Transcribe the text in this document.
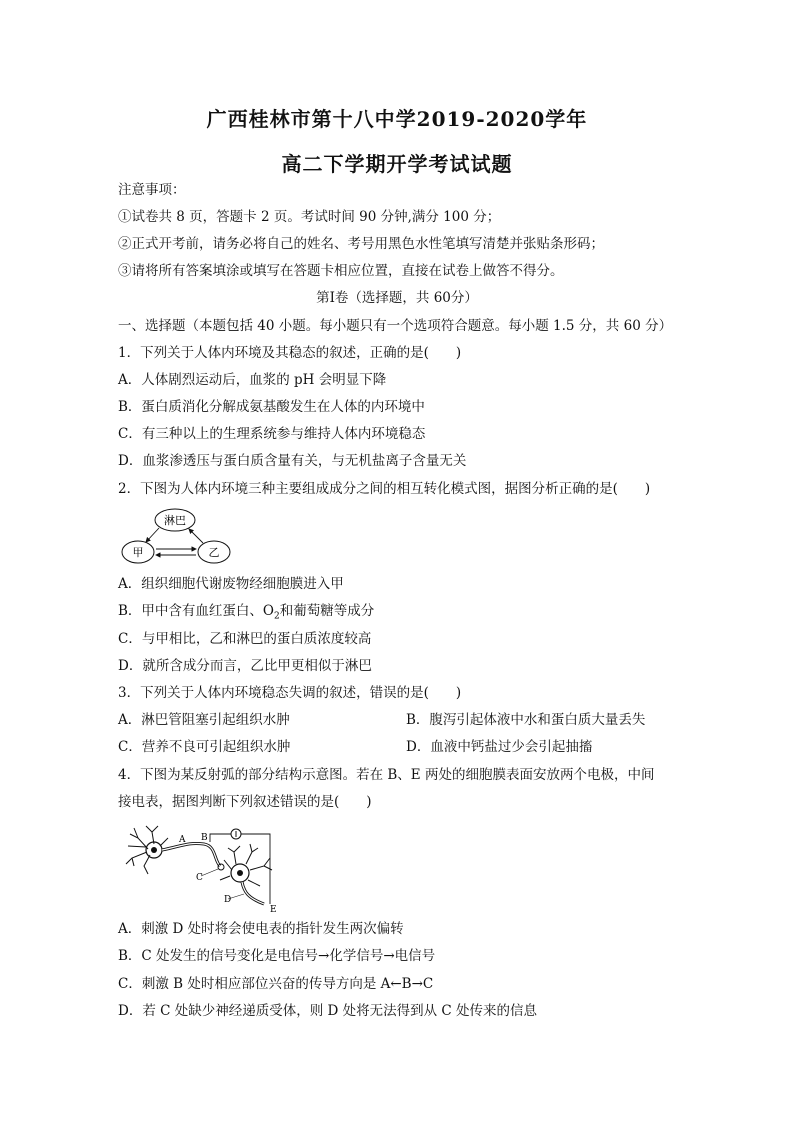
广西桂林市第十八中学2019-2020学年
高二下学期开学考试试题
注意事项：
①试卷共 8 页，答题卡 2 页。考试时间 90 分钟,满分 100 分；
②正式开考前，请务必将自己的姓名、考号用黑色水性笔填写清楚并张贴条形码；
③请将所有答案填涂或填写在答题卡相应位置，直接在试卷上做答不得分。
第Ⅰ卷（选择题，共 60分）
一、选择题（本题包括 40 小题。每小题只有一个选项符合题意。每小题 1.5 分，共 60 分）
1．下列关于人体内环境及其稳态的叙述，正确的是(　　)
A．人体剧烈运动后，血浆的 pH 会明显下降
B．蛋白质消化分解成氨基酸发生在人体的内环境中
C．有三种以上的生理系统参与维持人体内环境稳态
D．血浆渗透压与蛋白质含量有关，与无机盐离子含量无关
2．下图为人体内环境三种主要组成成分之间的相互转化模式图，据图分析正确的是(　　)
淋巴
甲	乙
A．组织细胞代谢废物经细胞膜进入甲
B．甲中含有血红蛋白、$O_2$和葡萄糖等成分
C．与甲相比，乙和淋巴的蛋白质浓度较高
D．就所含成分而言，乙比甲更相似于淋巴
3．下列关于人体内环境稳态失调的叙述，错误的是(　　)
A．淋巴管阻塞引起组织水肿	B．腹泻引起体液中水和蛋白质大量丢失
C．营养不良可引起组织水肿	D．血液中钙盐过少会引起抽搐
4．下图为某反射弧的部分结构示意图。若在 B、E 两处的细胞膜表面安放两个电极，中间
接电表，据图判断下列叙述错误的是(　　)
A B
C
D
E
A．刺激 D 处时将会使电表的指针发生两次偏转
B．C 处发生的信号变化是电信号→化学信号→电信号
C．刺激 B 处时相应部位兴奋的传导方向是 A←B→C
D．若 C 处缺少神经递质受体，则 D 处将无法得到从 C 处传来的信息
